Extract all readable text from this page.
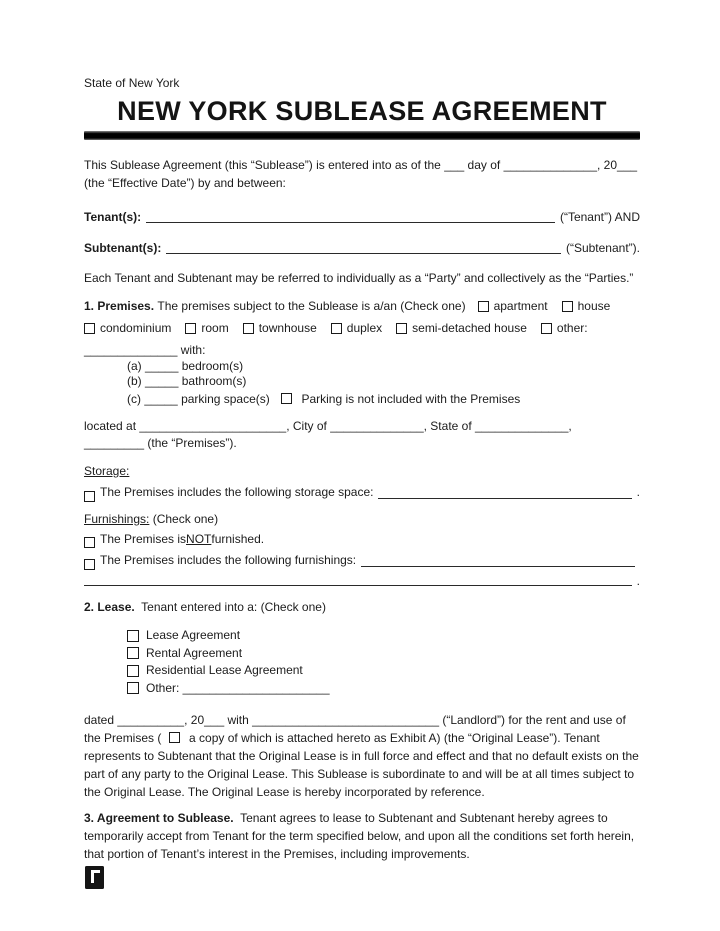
State of New York
NEW YORK SUBLEASE AGREEMENT
This Sublease Agreement (this “Sublease”) is entered into as of the ___ day of ______________, 20___
(the “Effective Date”) by and between:
Tenant(s):	(“Tenant”) AND
Subtenant(s):	(“Subtenant”).
Each Tenant and Subtenant may be referred to individually as a “Party” and collectively as the “Parties.”
1. Premises.
The premises subject to the Sublease is a/an (Check one) apartment	house
condominium	room	townhouse	duplex	semi-detached house	other:
______________ with:
(a) _____ bedroom(s)
(b) _____ bathroom(s)
(c) _____ parking space(s)	Parking is not included with the Premises
located at ______________________, City of ______________, State of ______________,
_________ (the “Premises”).
Storage:
The Premises includes the following storage space:	.
Furnishings: (Check one)
The Premises is NOT furnished.
The Premises includes the following furnishings:
.
2. Lease. Tenant entered into a: (Check one)
Lease Agreement
Rental Agreement
Residential Lease Agreement
Other: ______________________
dated __________, 20___ with ____________________________ (“Landlord”) for the rent and use of
the Premises ( a copy of which is attached hereto as Exhibit A) (the “Original Lease”). Tenant
represents to Subtenant that the Original Lease is in full force and effect and that no default exists on the
part of any party to the Original Lease. This Sublease is subordinate to and will be at all times subject to
the Original Lease. The Original Lease is hereby incorporated by reference.
3. Agreement to Sublease. Tenant agrees to lease to Subtenant and Subtenant hereby agrees to
temporarily accept from Tenant for the term specified below, and upon all the conditions set forth herein,
that portion of Tenant’s interest in the Premises, including improvements.
